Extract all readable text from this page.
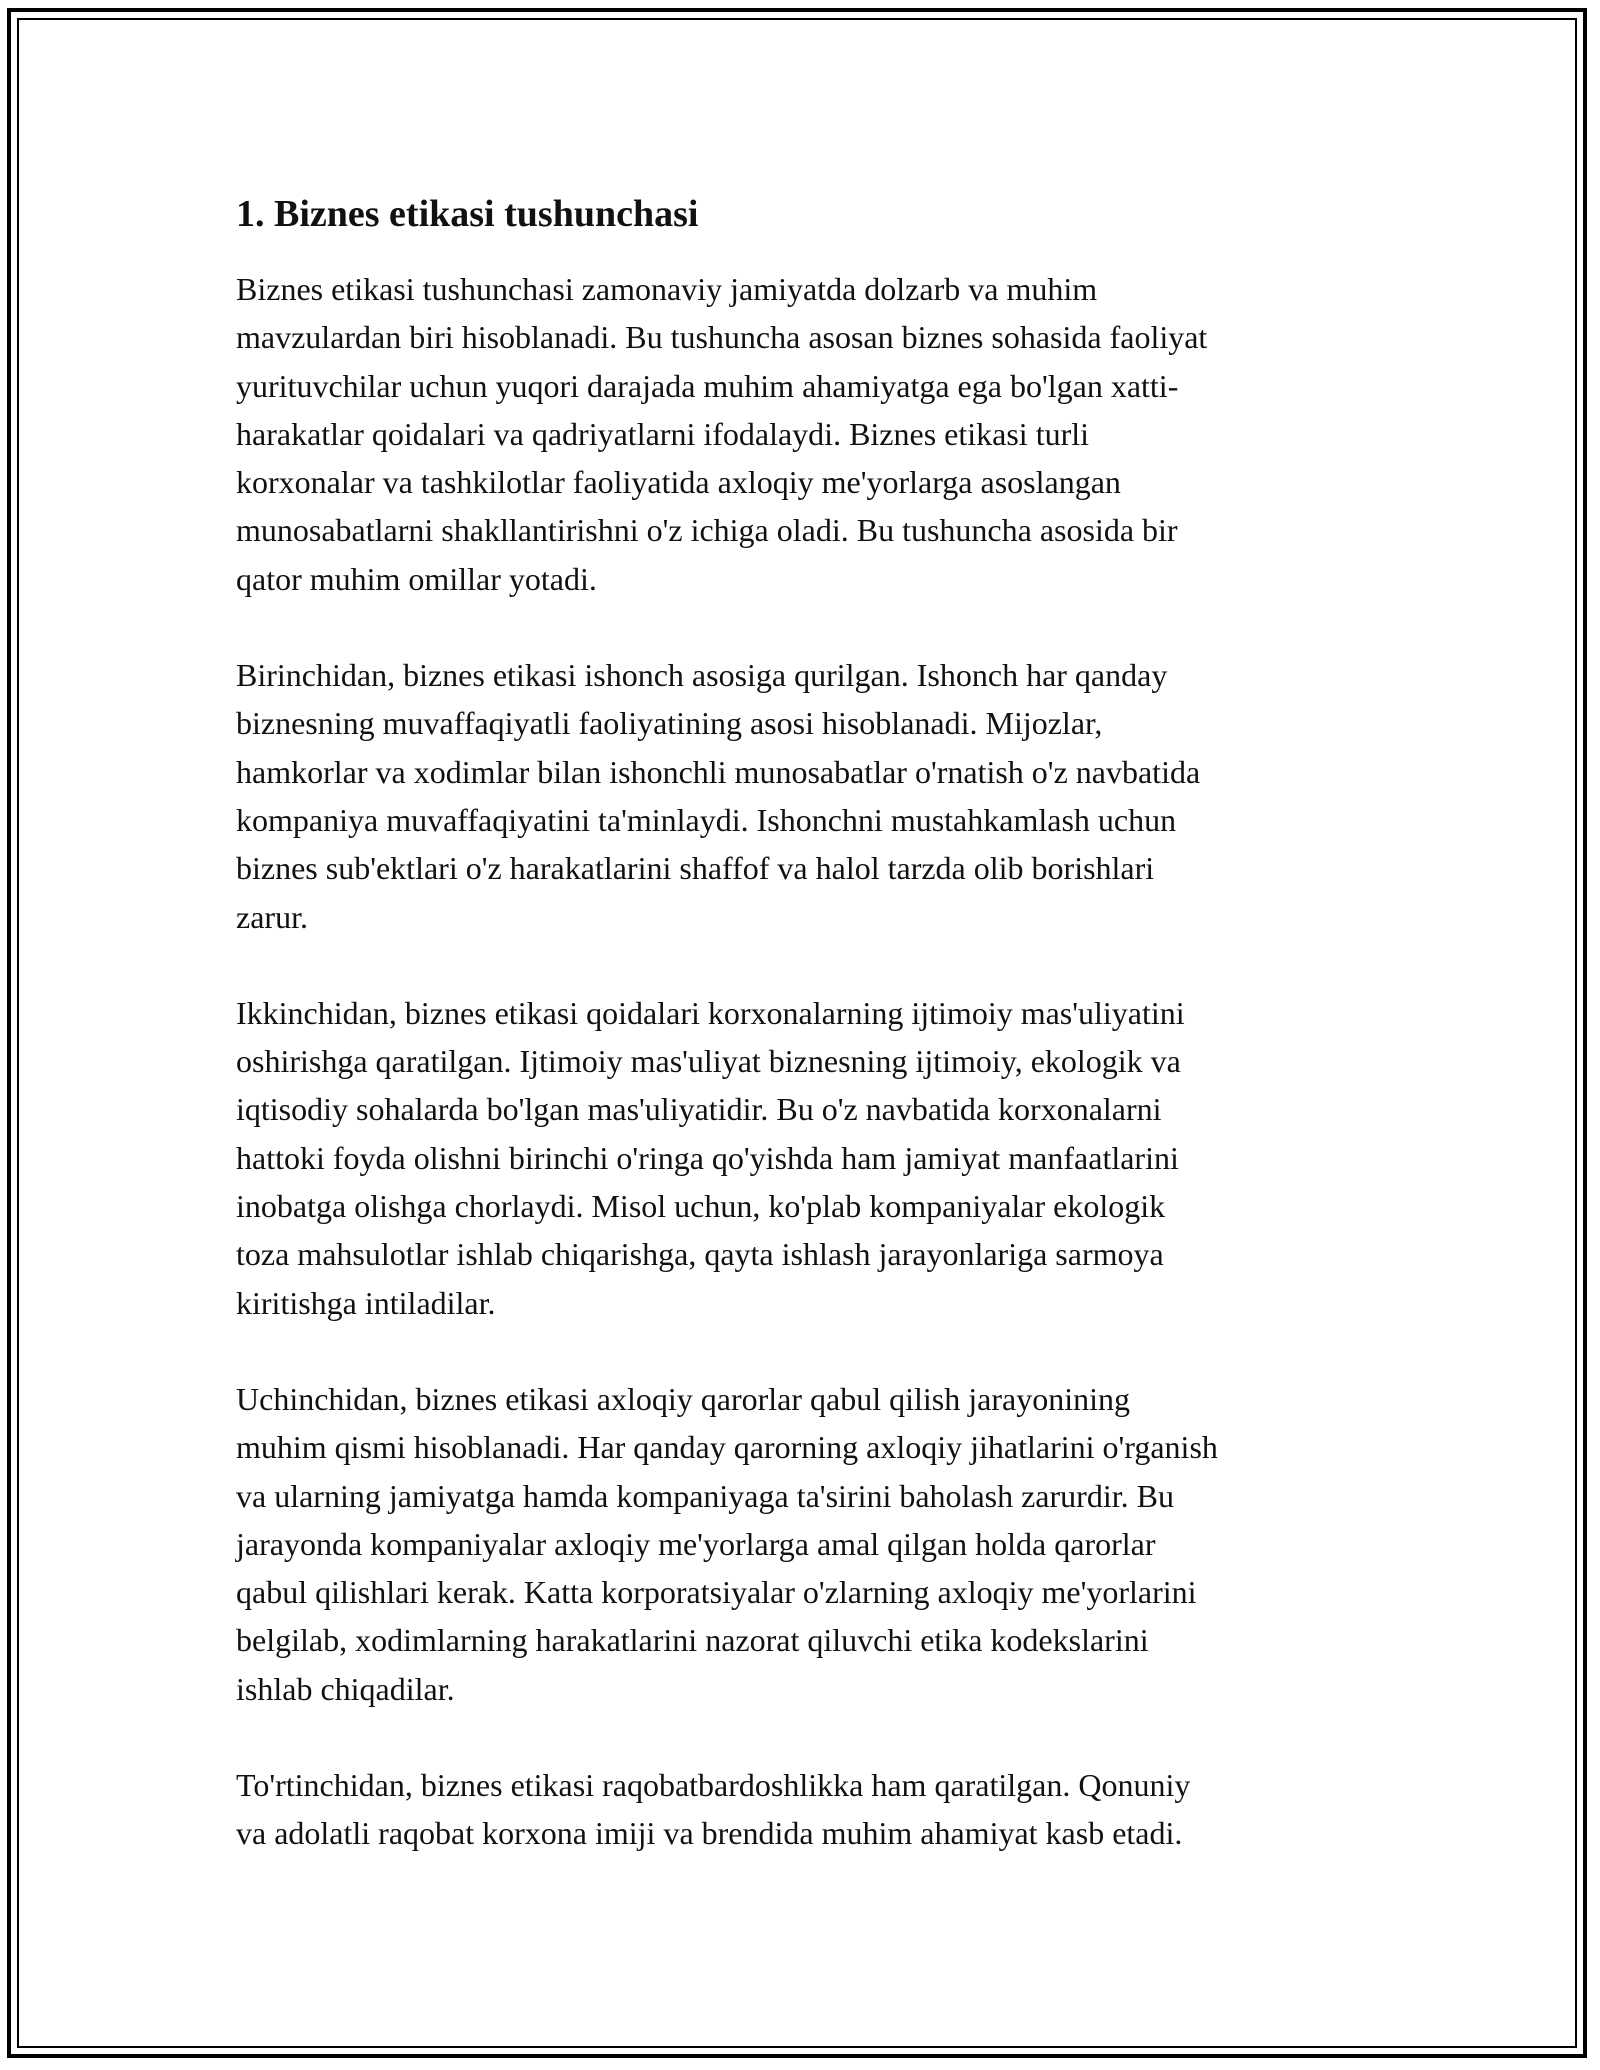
1. Biznes etikasi tushunchasi

Biznes etikasi tushunchasi zamonaviy jamiyatda dolzarb va muhim
mavzulardan biri hisoblanadi. Bu tushuncha asosan biznes sohasida faoliyat
yurituvchilar uchun yuqori darajada muhim ahamiyatga ega bo'lgan xatti-
harakatlar qoidalari va qadriyatlarni ifodalaydi. Biznes etikasi turli
korxonalar va tashkilotlar faoliyatida axloqiy me'yorlarga asoslangan
munosabatlarni shakllantirishni o'z ichiga oladi. Bu tushuncha asosida bir
qator muhim omillar yotadi.

Birinchidan, biznes etikasi ishonch asosiga qurilgan. Ishonch har qanday
biznesning muvaffaqiyatli faoliyatining asosi hisoblanadi. Mijozlar,
hamkorlar va xodimlar bilan ishonchli munosabatlar o'rnatish o'z navbatida
kompaniya muvaffaqiyatini ta'minlaydi. Ishonchni mustahkamlash uchun
biznes sub'ektlari o'z harakatlarini shaffof va halol tarzda olib borishlari
zarur.

Ikkinchidan, biznes etikasi qoidalari korxonalarning ijtimoiy mas'uliyatini
oshirishga qaratilgan. Ijtimoiy mas'uliyat biznesning ijtimoiy, ekologik va
iqtisodiy sohalarda bo'lgan mas'uliyatidir. Bu o'z navbatida korxonalarni
hattoki foyda olishni birinchi o'ringa qo'yishda ham jamiyat manfaatlarini
inobatga olishga chorlaydi. Misol uchun, ko'plab kompaniyalar ekologik
toza mahsulotlar ishlab chiqarishga, qayta ishlash jarayonlariga sarmoya
kiritishga intiladilar.

Uchinchidan, biznes etikasi axloqiy qarorlar qabul qilish jarayonining
muhim qismi hisoblanadi. Har qanday qarorning axloqiy jihatlarini o'rganish
va ularning jamiyatga hamda kompaniyaga ta'sirini baholash zarurdir. Bu
jarayonda kompaniyalar axloqiy me'yorlarga amal qilgan holda qarorlar
qabul qilishlari kerak. Katta korporatsiyalar o'zlarning axloqiy me'yorlarini
belgilab, xodimlarning harakatlarini nazorat qiluvchi etika kodekslarini
ishlab chiqadilar.

To'rtinchidan, biznes etikasi raqobatbardoshlikka ham qaratilgan. Qonuniy
va adolatli raqobat korxona imiji va brendida muhim ahamiyat kasb etadi.
